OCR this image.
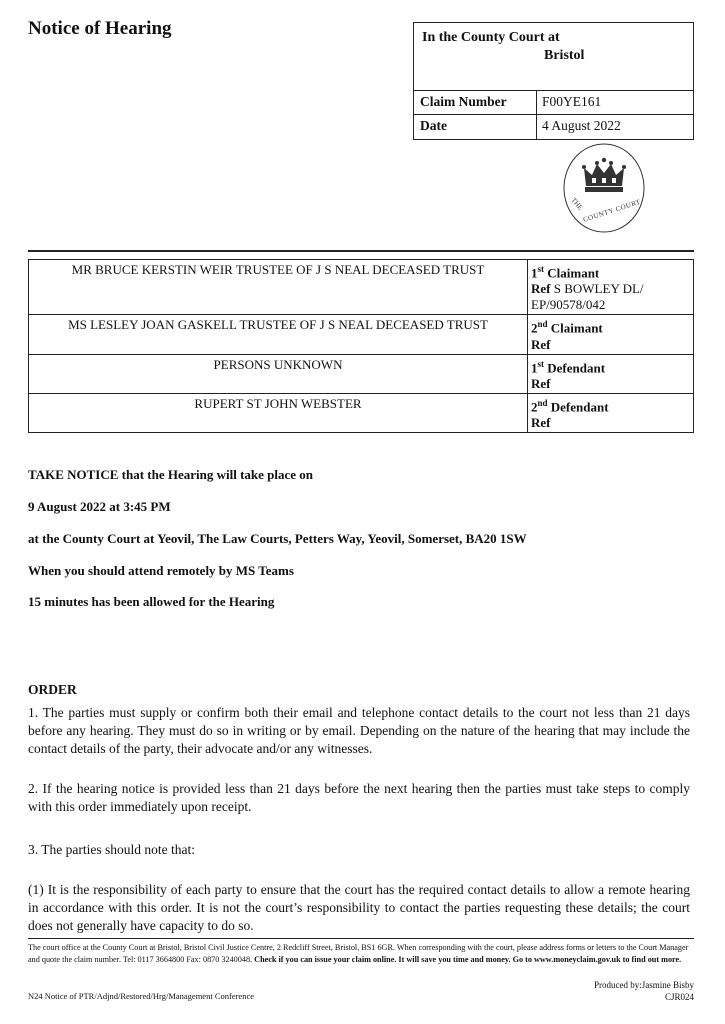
Notice of Hearing	In the County Court at
Bristol
Claim Number	F00YE161
Date	4 August 2022
THE
COUNTY COURT
MR BRUCE KERSTIN WEIR TRUSTEE OF J S NEAL DECEASED TRUST	1st Claimant
Ref S BOWLEY DL/ EP/90578/042

MS LESLEY JOAN GASKELL TRUSTEE OF J S NEAL DECEASED TRUST	2nd Claimant
Ref

PERSONS UNKNOWN	1st Defendant
Ref

RUPERT ST JOHN WEBSTER	2nd Defendant
Ref
TAKE NOTICE that the Hearing will take place on
9 August 2022 at 3:45 PM
at the County Court at Yeovil, The Law Courts, Petters Way, Yeovil, Somerset, BA20 1SW
When you should attend remotely by MS Teams
15 minutes has been allowed for the Hearing
ORDER
1. The parties must supply or confirm both their email and telephone contact details to the court not less than 21 days before any hearing. They must do so in writing or by email. Depending on the nature of the hearing that may include the contact details of the party, their advocate and/or any witnesses.
2. If the hearing notice is provided less than 21 days before the next hearing then the parties must take steps to comply with this order immediately upon receipt.
3. The parties should note that:
(1) It is the responsibility of each party to ensure that the court has the required contact details to allow a remote hearing in accordance with this order. It is not the court’s responsibility to contact the parties requesting these details; the court does not generally have capacity to do so.
The court office at the County Court at Bristol, Bristol Civil Justice Centre, 2 Redcliff Street, Bristol, BS1 6GR. When corresponding with the court, please address forms or letters to the Court Manager and quote the claim number. Tel: 0117 3664800 Fax: 0870 3240048. Check if you can issue your claim online. It will save you time and money. Go to www.moneyclaim.gov.uk to find out more.
Produced by:Jasmine Bisby
CJR024
N24 Notice of PTR/Adjnd/Restored/Hrg/Management Conference
